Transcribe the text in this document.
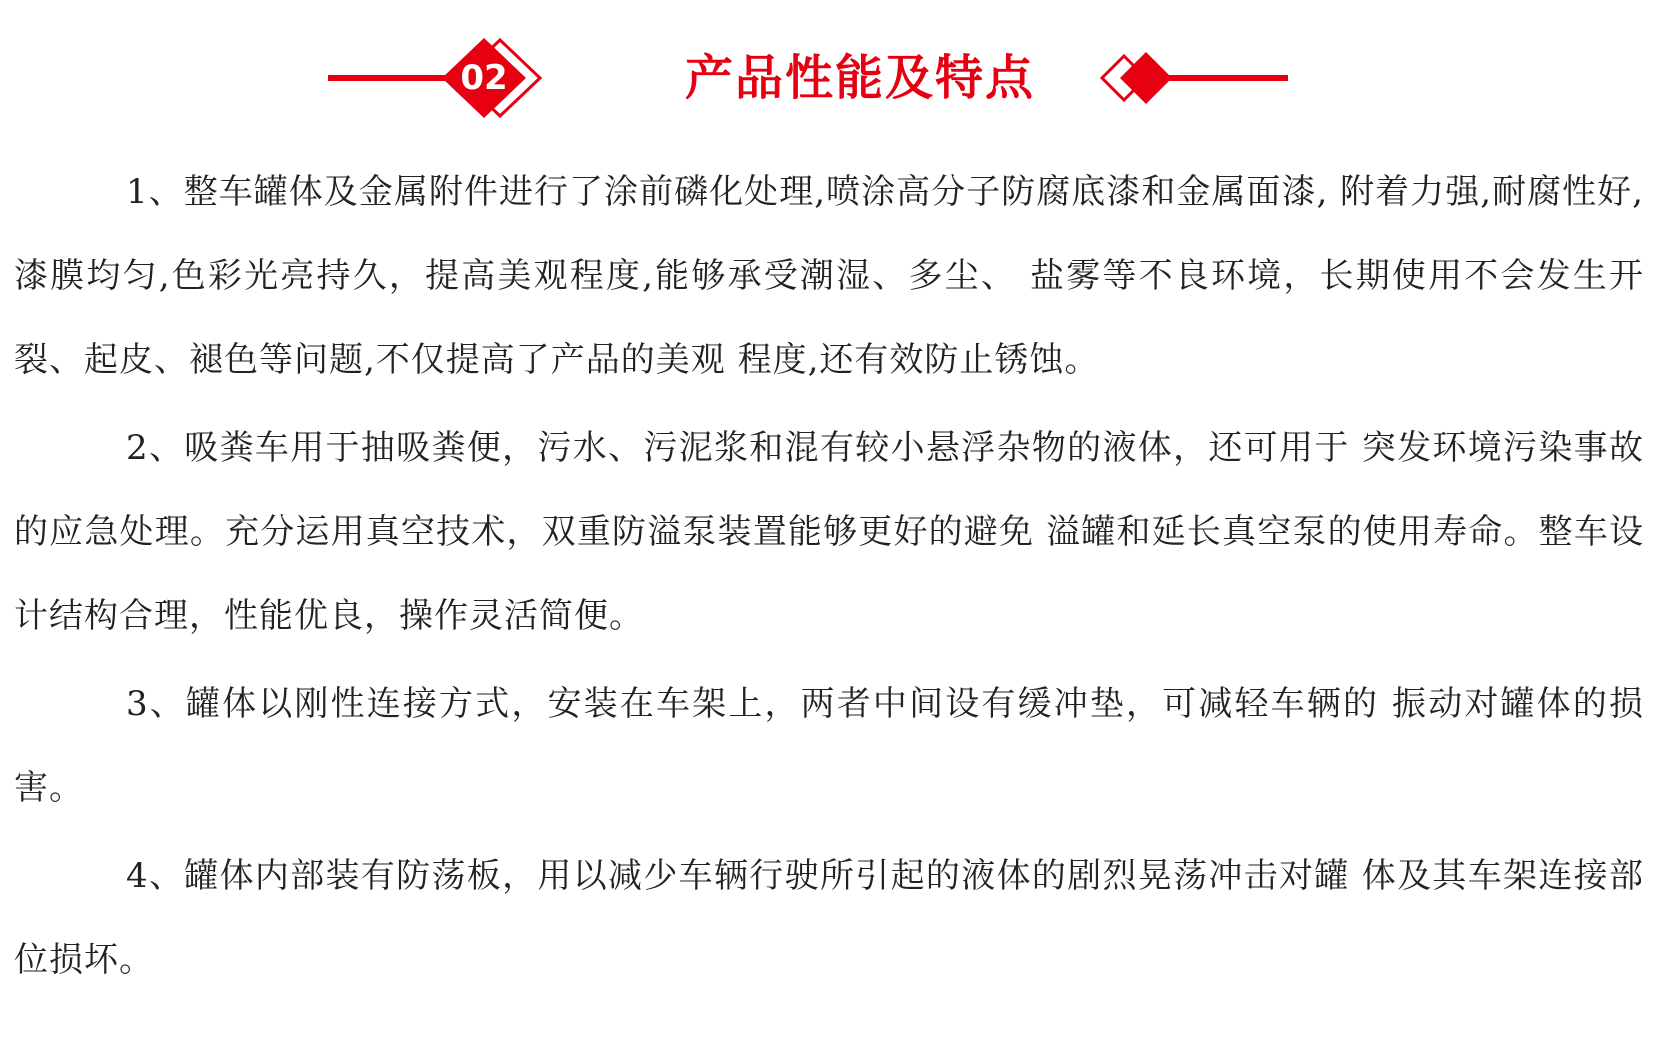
02	产品性能及特点

1、整车罐体及金属附件进行了涂前磷化处理,喷涂高分子防腐底漆和金属面漆, 附着力强,耐腐性好,漆膜均匀,色彩光亮持久，提高美观程度,能够承受潮湿、多尘、 盐雾等不良环境，长期使用不会发生开裂、起皮、褪色等问题,不仅提高了产品的美观 程度,还有效防止锈蚀。

2、吸粪车用于抽吸粪便，污水、污泥浆和混有较小悬浮杂物的液体，还可用于 突发环境污染事故的应急处理。充分运用真空技术，双重防溢泵装置能够更好的避免 溢罐和延长真空泵的使用寿命。整车设计结构合理，性能优良，操作灵活简便。

3、罐体以刚性连接方式，安装在车架上，两者中间设有缓冲垫，可减轻车辆的 振动对罐体的损害。

4、罐体内部装有防荡板，用以减少车辆行驶所引起的液体的剧烈晃荡冲击对罐 体及其车架连接部位损坏。
